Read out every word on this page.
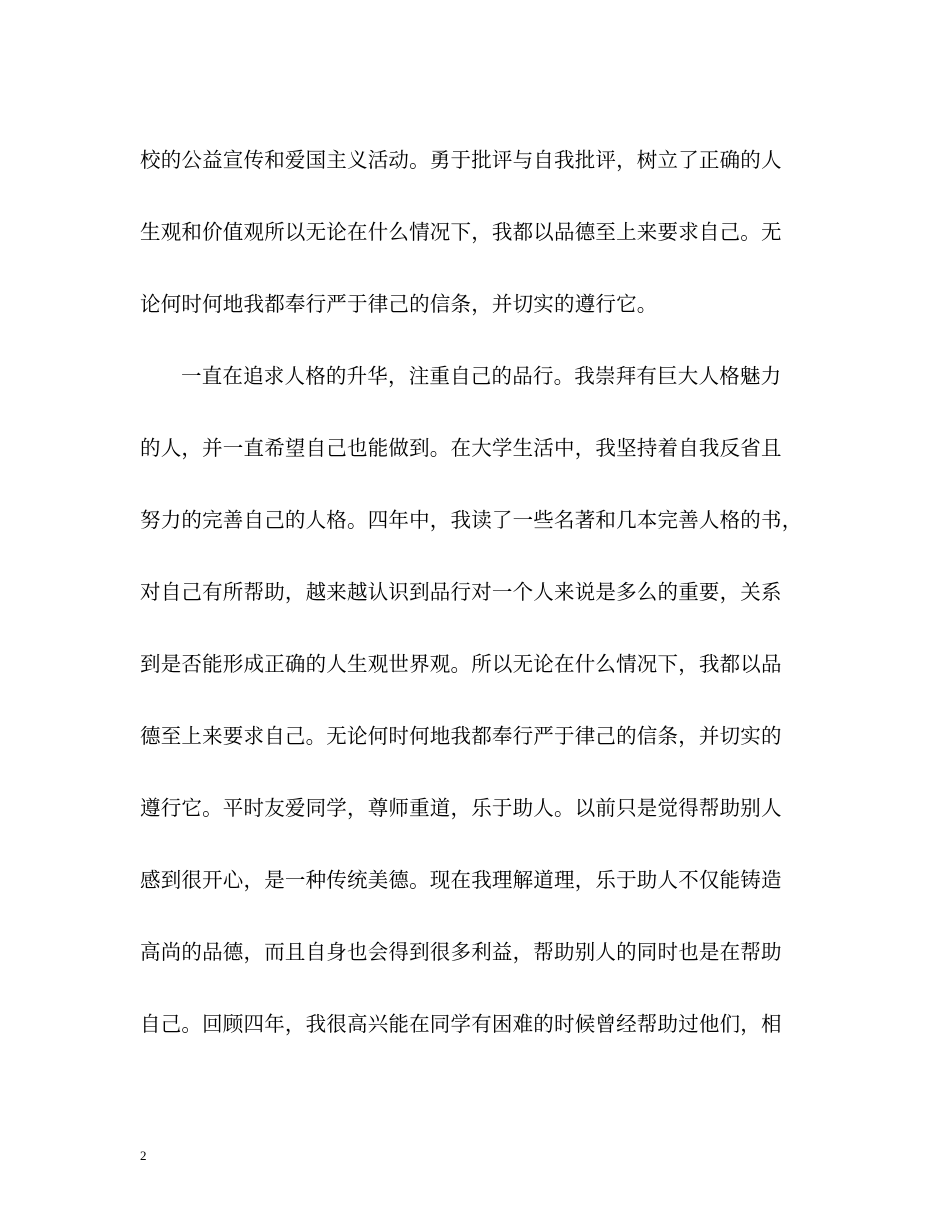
校的公益宣传和爱国主义活动。勇于批评与自我批评，树立了正确的人
生观和价值观所以无论在什么情况下，我都以品德至上来要求自己。无
论何时何地我都奉行严于律己的信条，并切实的遵行它。
一直在追求人格的升华，注重自己的品行。我崇拜有巨大人格魅力
的人，并一直希望自己也能做到。在大学生活中，我坚持着自我反省且
努力的完善自己的人格。四年中，我读了一些名著和几本完善人格的书，
对自己有所帮助，越来越认识到品行对一个人来说是多么的重要，关系
到是否能形成正确的人生观世界观。所以无论在什么情况下，我都以品
德至上来要求自己。无论何时何地我都奉行严于律己的信条，并切实的
遵行它。平时友爱同学，尊师重道，乐于助人。以前只是觉得帮助别人
感到很开心，是一种传统美德。现在我理解道理，乐于助人不仅能铸造
高尚的品德，而且自身也会得到很多利益，帮助别人的同时也是在帮助
自己。回顾四年，我很高兴能在同学有困难的时候曾经帮助过他们，相
2
